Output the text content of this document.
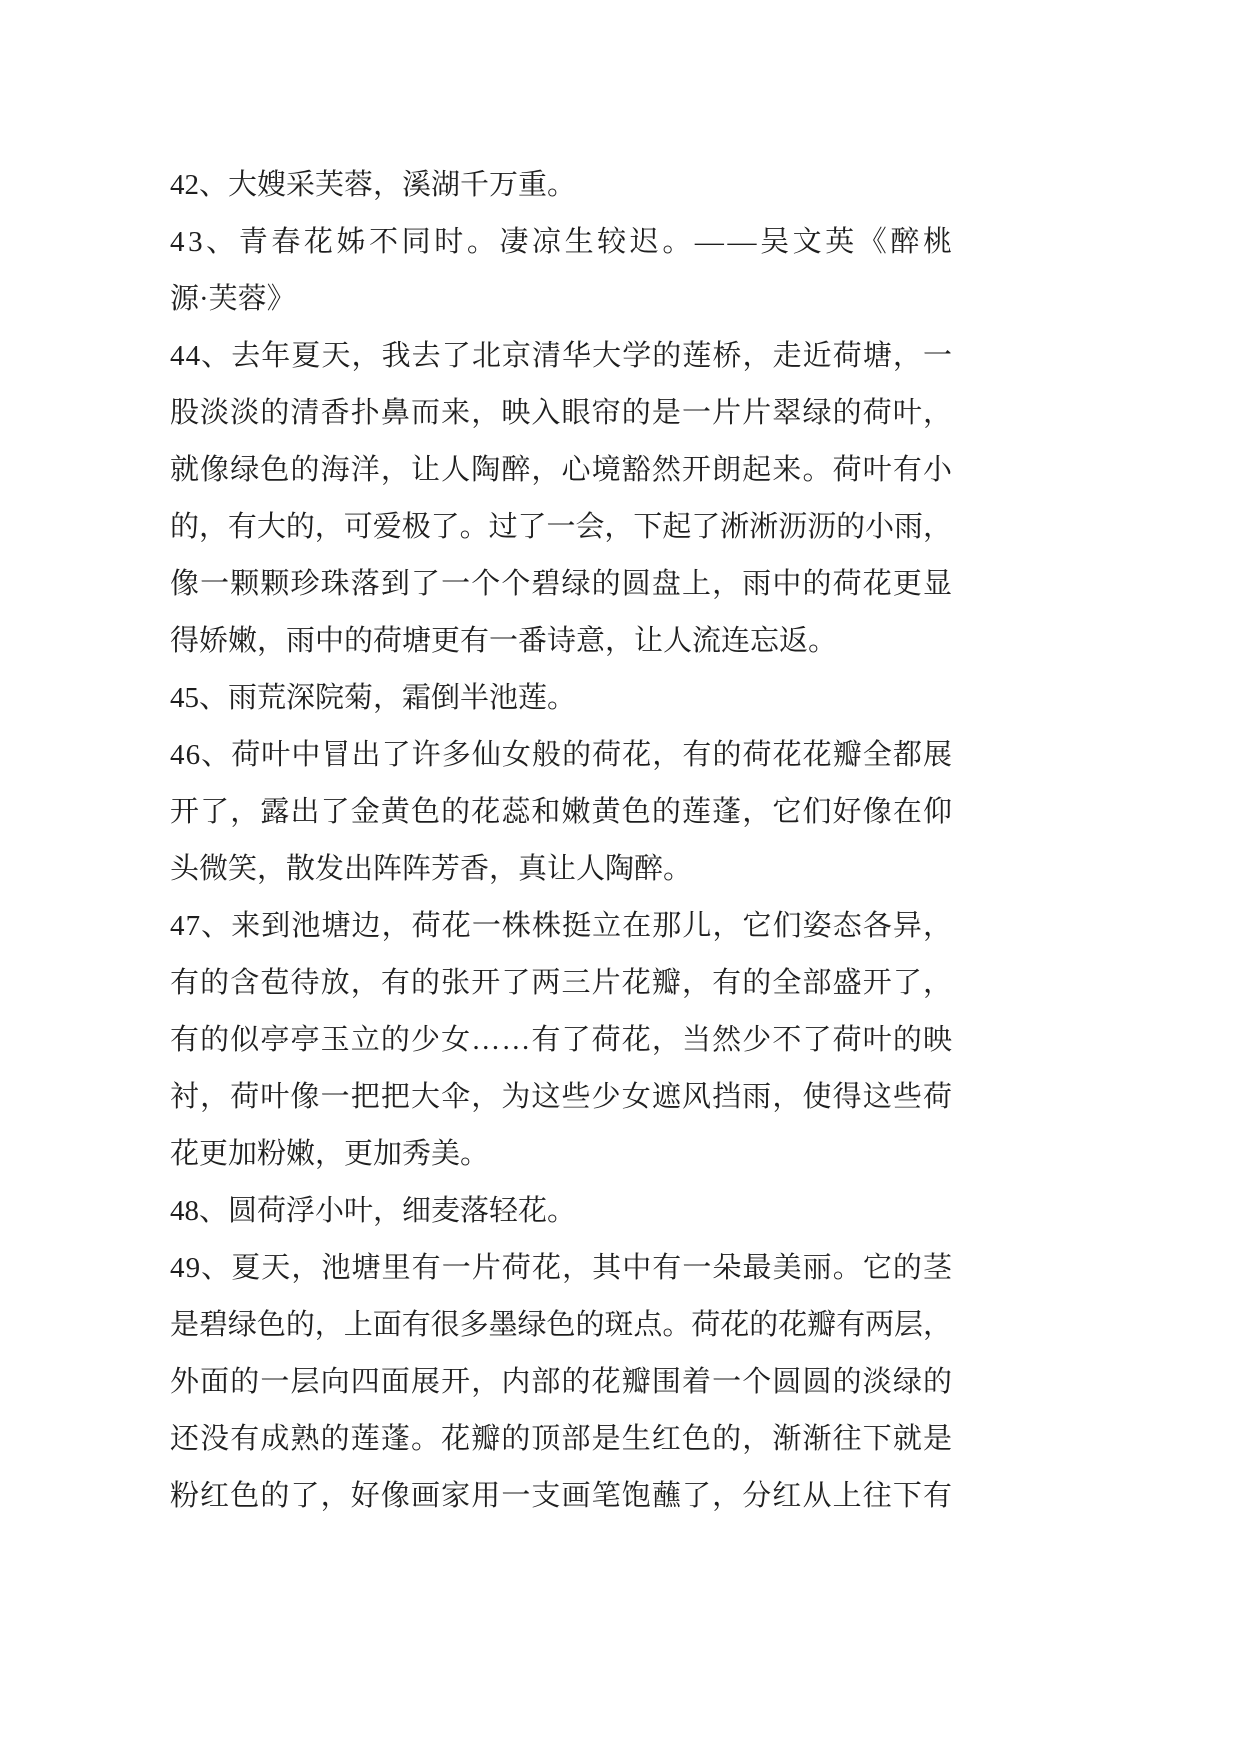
42、大嫂采芙蓉，溪湖千万重。
43、青春花姊不同时。凄凉生较迟。——吴文英《醉桃
源·芙蓉》
44、去年夏天，我去了北京清华大学的莲桥，走近荷塘，一
股淡淡的清香扑鼻而来，映入眼帘的是一片片翠绿的荷叶，
就像绿色的海洋，让人陶醉，心境豁然开朗起来。荷叶有小
的，有大的，可爱极了。过了一会，下起了淅淅沥沥的小雨，
像一颗颗珍珠落到了一个个碧绿的圆盘上，雨中的荷花更显
得娇嫩，雨中的荷塘更有一番诗意，让人流连忘返。
45、雨荒深院菊，霜倒半池莲。
46、荷叶中冒出了许多仙女般的荷花，有的荷花花瓣全都展
开了，露出了金黄色的花蕊和嫩黄色的莲蓬，它们好像在仰
头微笑，散发出阵阵芳香，真让人陶醉。
47、来到池塘边，荷花一株株挺立在那儿，它们姿态各异，
有的含苞待放，有的张开了两三片花瓣，有的全部盛开了，
有的似亭亭玉立的少女……有了荷花，当然少不了荷叶的映
衬，荷叶像一把把大伞，为这些少女遮风挡雨，使得这些荷
花更加粉嫩，更加秀美。
48、圆荷浮小叶，细麦落轻花。
49、夏天，池塘里有一片荷花，其中有一朵最美丽。它的茎
是碧绿色的，上面有很多墨绿色的斑点。荷花的花瓣有两层，
外面的一层向四面展开，内部的花瓣围着一个圆圆的淡绿的
还没有成熟的莲蓬。花瓣的顶部是生红色的，渐渐往下就是
粉红色的了，好像画家用一支画笔饱蘸了，分红从上往下有
